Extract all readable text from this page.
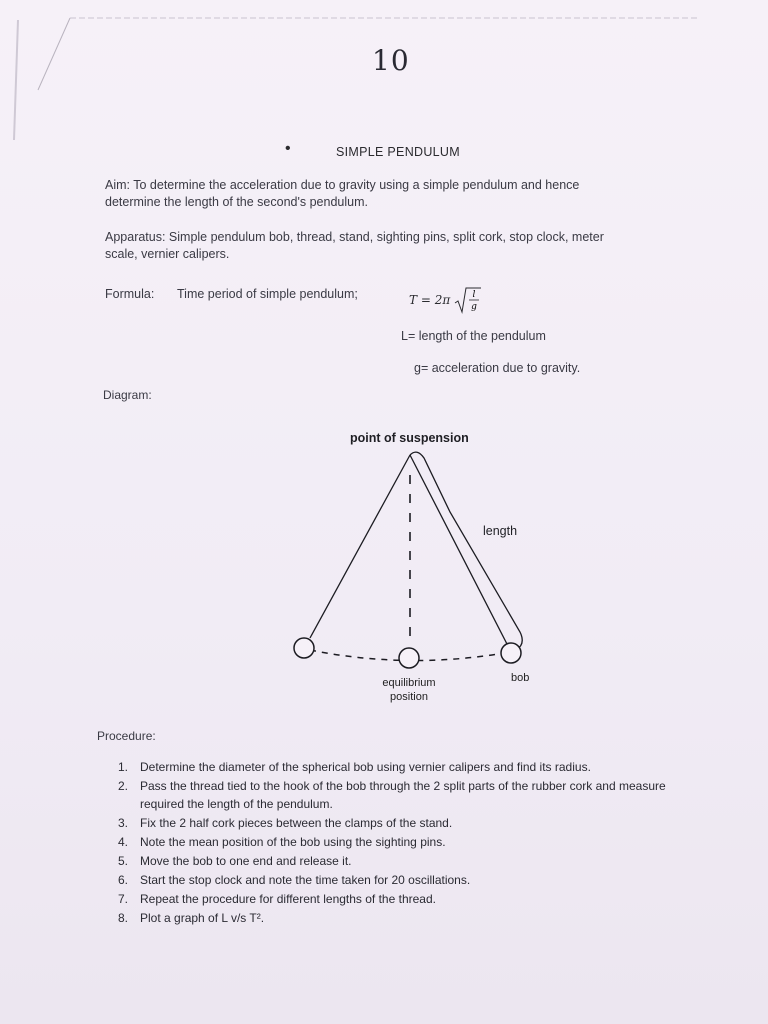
10
•	SIMPLE PENDULUM
Aim: To determine the acceleration due to gravity using a simple pendulum and hence
determine the length of the second's pendulum.
Apparatus: Simple pendulum bob, thread, stand, sighting pins, split cork, stop clock, meter
scale, vernier calipers.
Formula: Time period of simple pendulum;	T = 2π l
g
L= length of the pendulum
g= acceleration due to gravity.
Diagram:
point of suspension
length
equilibrium
position
bob
Procedure:
1. Determine the diameter of the spherical bob using vernier calipers and find its radius.
2. Pass the thread tied to the hook of the bob through the 2 split parts of the rubber cork and measure required the length of the pendulum.
3. Fix the 2 half cork pieces between the clamps of the stand.
4. Note the mean position of the bob using the sighting pins.
5. Move the bob to one end and release it.
6. Start the stop clock and note the time taken for 20 oscillations.
7. Repeat the procedure for different lengths of the thread.
8. Plot a graph of L v/s T².
